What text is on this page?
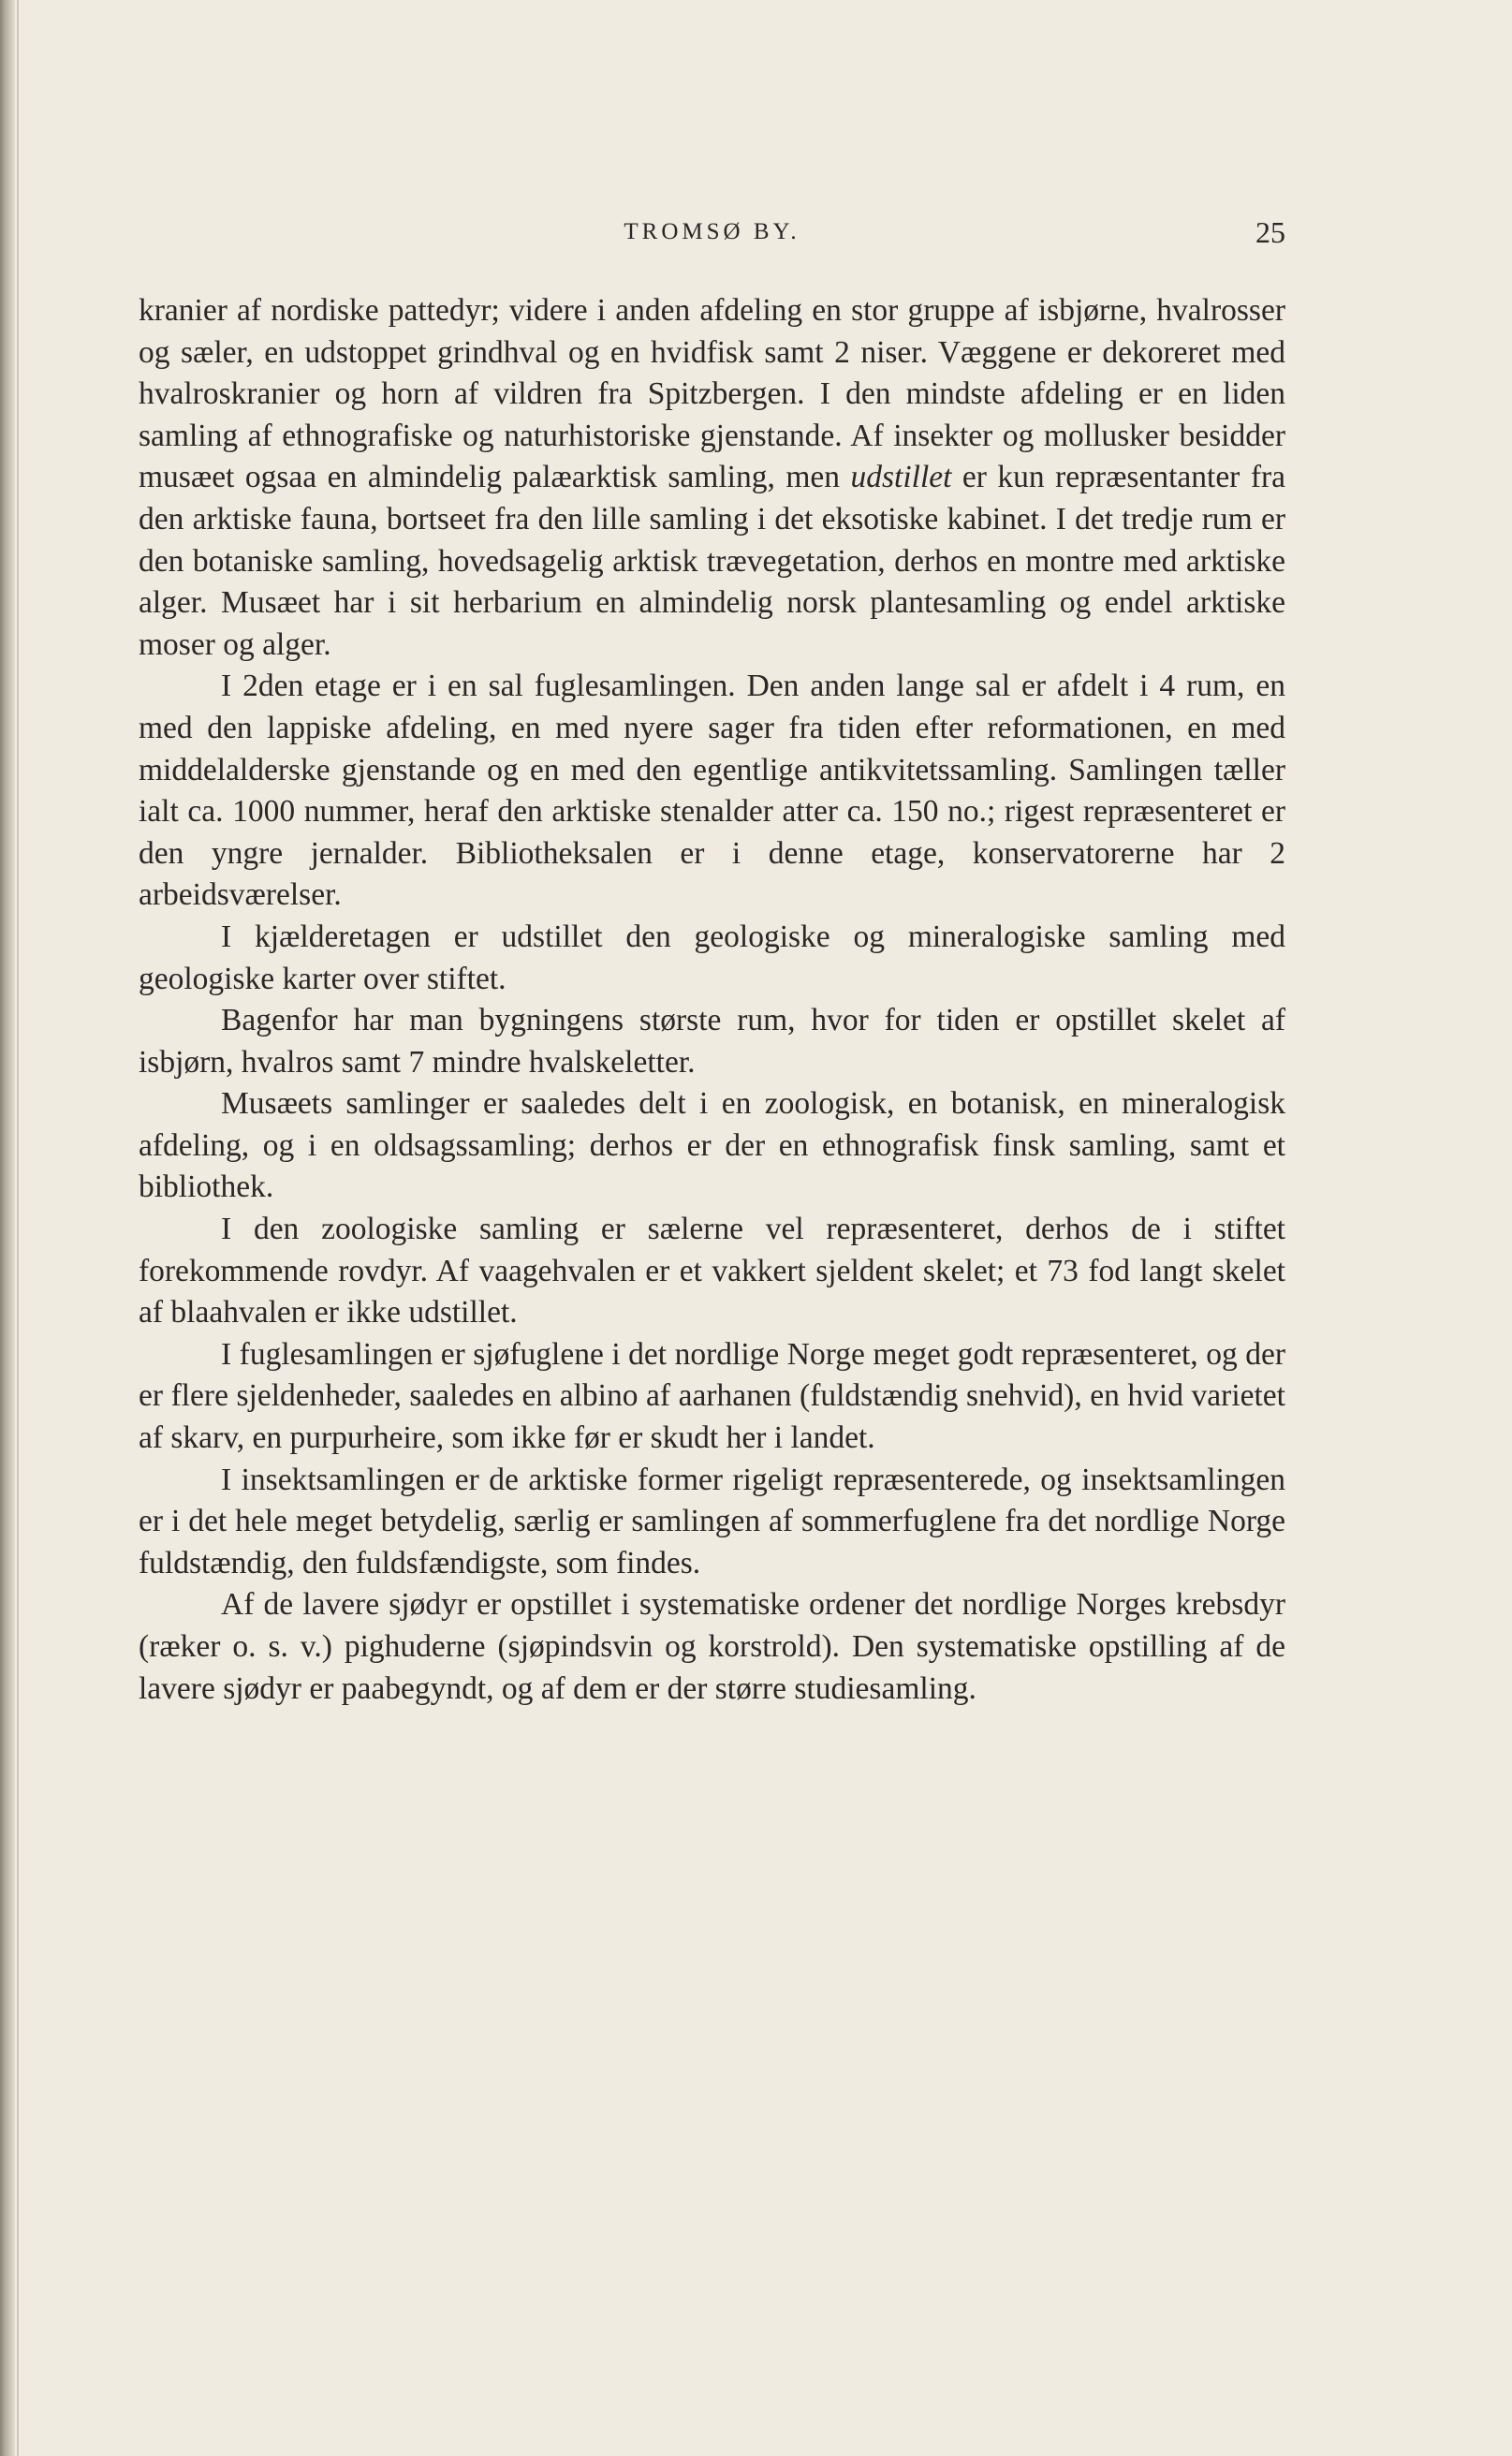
TROMSØ BY.	25

kranier af nordiske pattedyr; videre i anden afdeling en stor gruppe af isbjørne, hvalrosser og sæler, en udstoppet grindhval og en hvidfisk samt 2 niser. Væggene er dekoreret med hvalroskranier og horn af vildren fra Spitzbergen. I den mindste afdeling er en liden samling af ethnografiske og naturhistoriske gjenstande. Af insekter og mollusker besidder musæet ogsaa en almindelig palæarktisk samling, men udstillet er kun repræsentanter fra den arktiske fauna, bortseet fra den lille samling i det eksotiske kabinet. I det tredje rum er den botaniske samling, hovedsagelig arktisk trævegetation, derhos en montre med arktiske alger. Musæet har i sit herbarium en almindelig norsk plantesamling og endel arktiske moser og alger.

I 2den etage er i en sal fuglesamlingen. Den anden lange sal er afdelt i 4 rum, en med den lappiske afdeling, en med nyere sager fra tiden efter reformationen, en med middelalderske gjenstande og en med den egentlige antikvitetssamling. Samlingen tæller ialt ca. 1000 nummer, heraf den arktiske stenalder atter ca. 150 no.; rigest repræsenteret er den yngre jernalder. Bibliotheksalen er i denne etage, konservatorerne har 2 arbeidsværelser.

I kjælderetagen er udstillet den geologiske og mineralogiske samling med geologiske karter over stiftet.

Bagenfor har man bygningens største rum, hvor for tiden er opstillet skelet af isbjørn, hvalros samt 7 mindre hvalskeletter.

Musæets samlinger er saaledes delt i en zoologisk, en botanisk, en mineralogisk afdeling, og i en oldsagssamling; derhos er der en ethnografisk finsk samling, samt et bibliothek.

I den zoologiske samling er sælerne vel repræsenteret, derhos de i stiftet forekommende rovdyr. Af vaagehvalen er et vakkert sjeldent skelet; et 73 fod langt skelet af blaahvalen er ikke udstillet.

I fuglesamlingen er sjøfuglene i det nordlige Norge meget godt repræsenteret, og der er flere sjeldenheder, saaledes en albino af aarhanen (fuldstændig snehvid), en hvid varietet af skarv, en purpurheire, som ikke før er skudt her i landet.

I insektsamlingen er de arktiske former rigeligt repræsenterede, og insektsamlingen er i det hele meget betydelig, særlig er samlingen af sommerfuglene fra det nordlige Norge fuldstændig, den fuldsfændigste, som findes.

Af de lavere sjødyr er opstillet i systematiske ordener det nordlige Norges krebsdyr (ræker o. s. v.) pighuderne (sjøpindsvin og korstrold). Den systematiske opstilling af de lavere sjødyr er paabegyndt, og af dem er der større studiesamling.
